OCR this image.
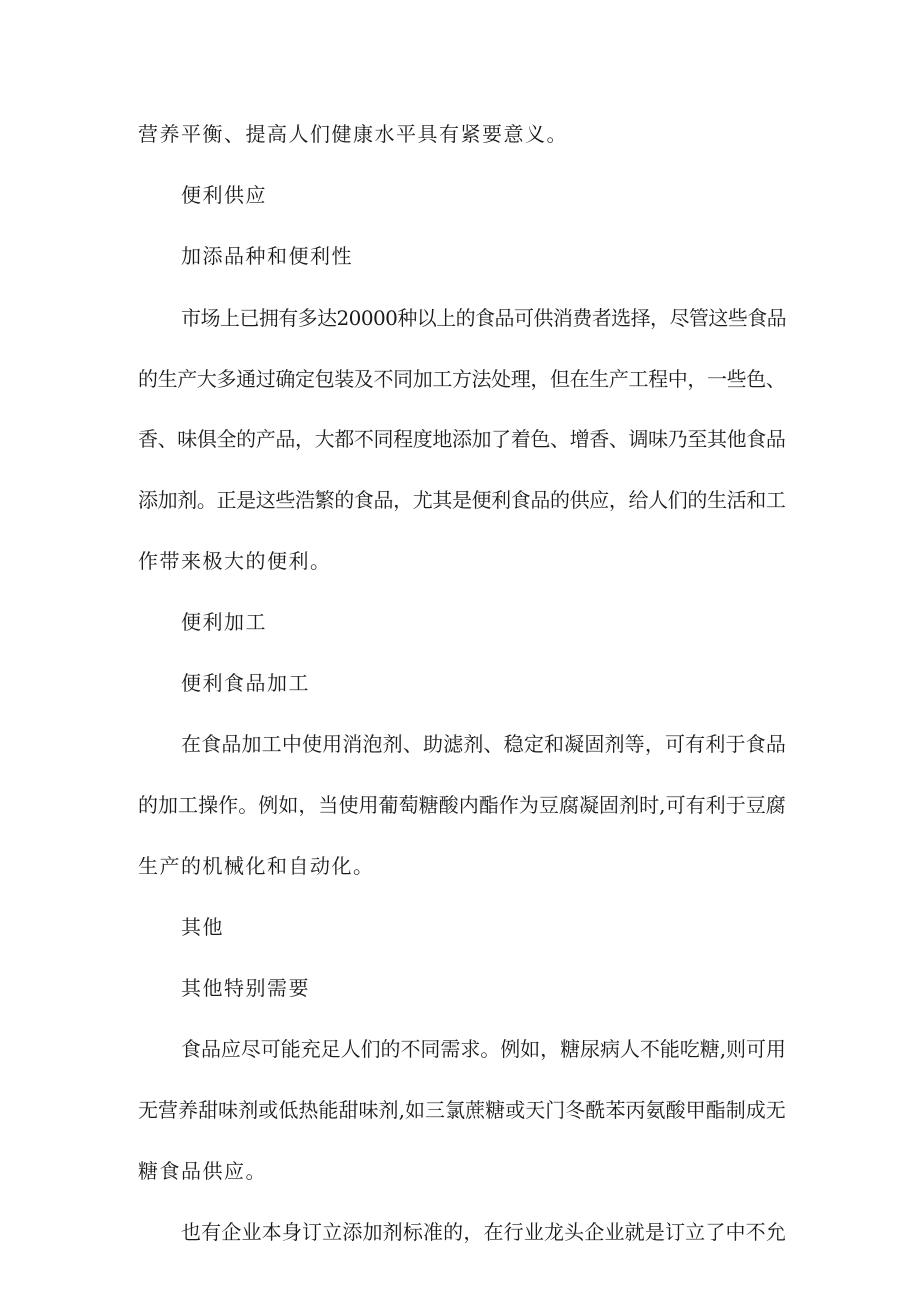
营养平衡、提高人们健康水平具有紧要意义。
便利供应
加添品种和便利性
市场上已拥有多达20000种以上的食品可供消费者选择，尽管这些食品
的生产大多通过确定包装及不同加工方法处理，但在生产工程中，一些色、
香、味俱全的产品，大都不同程度地添加了着色、增香、调味乃至其他食品
添加剂。正是这些浩繁的食品，尤其是便利食品的供应，给人们的生活和工
作带来极大的便利。
便利加工
便利食品加工
在食品加工中使用消泡剂、助滤剂、稳定和凝固剂等，可有利于食品
的加工操作。例如，当使用葡萄糖酸内酯作为豆腐凝固剂时,可有利于豆腐
生产的机械化和自动化。
其他
其他特别需要
食品应尽可能充足人们的不同需求。例如，糖尿病人不能吃糖,则可用
无营养甜味剂或低热能甜味剂,如三氯蔗糖或天门冬酰苯丙氨酸甲酯制成无
糖食品供应。
也有企业本身订立添加剂标准的，在行业龙头企业就是订立了中不允
